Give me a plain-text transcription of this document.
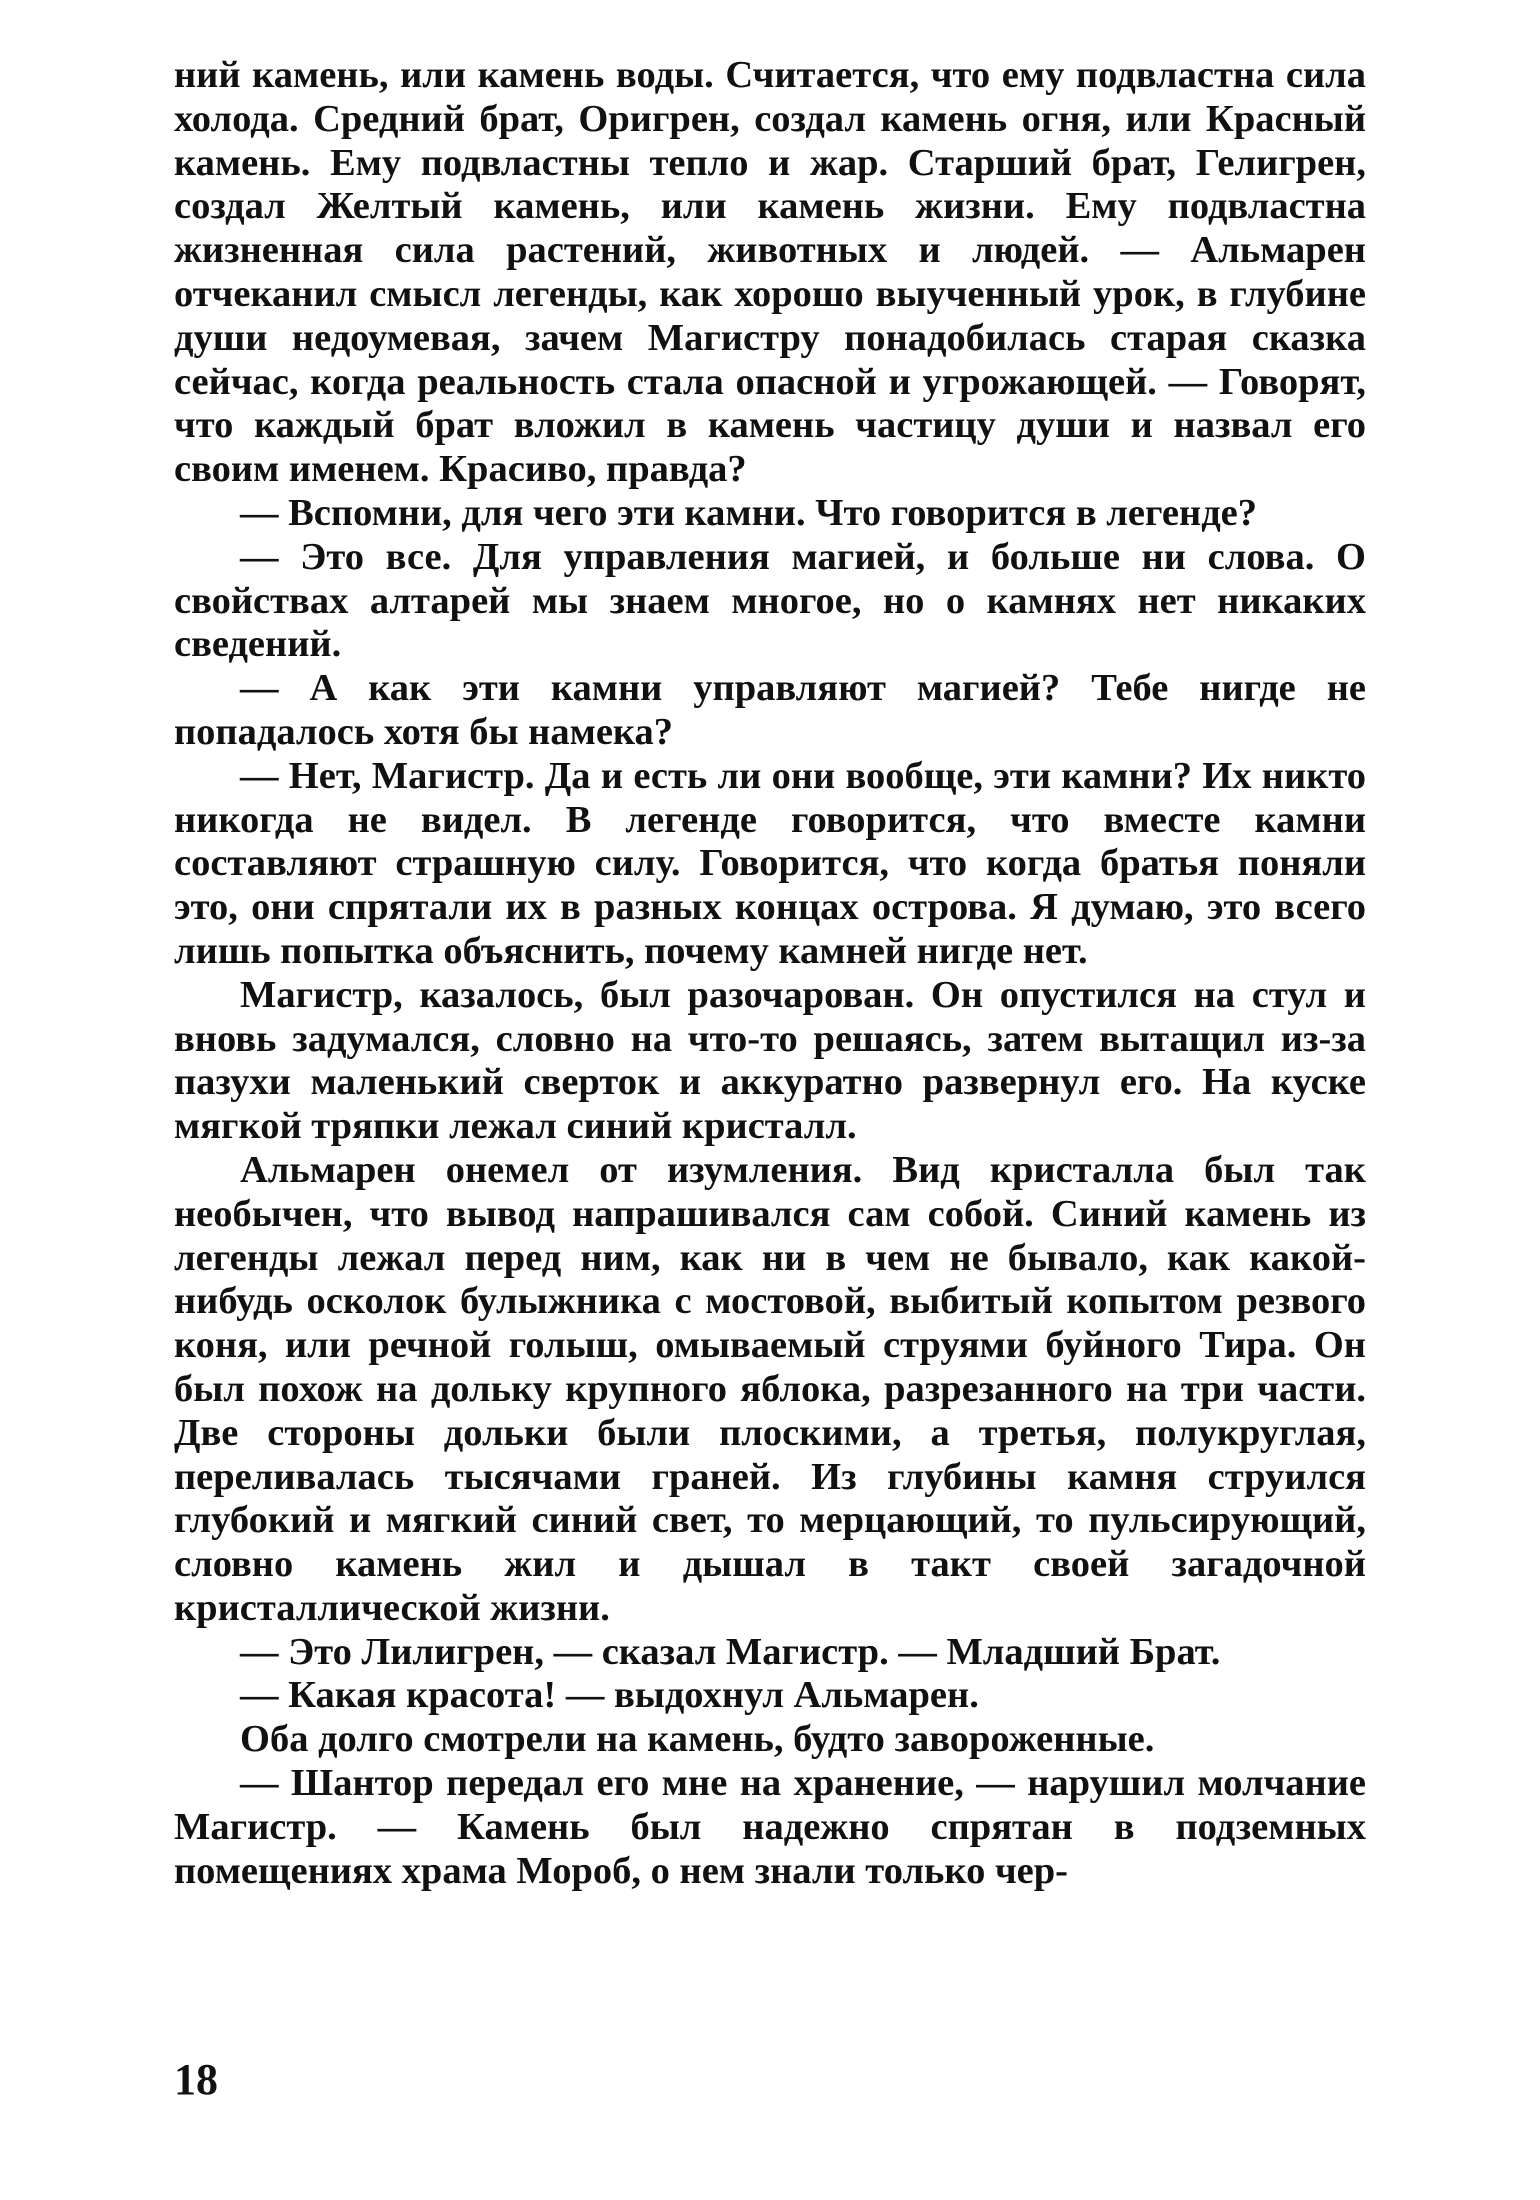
ний камень, или камень воды. Считается, что ему подвластна сила холода. Средний брат, Оригрен, создал камень огня, или Красный камень. Ему подвластны тепло и жар. Старший брат, Гелигрен, создал Желтый камень, или камень жизни. Ему подвластна жизненная сила растений, животных и людей. — Альмарен отчеканил смысл легенды, как хорошо выученный урок, в глубине души недоумевая, зачем Магистру понадобилась старая сказка сейчас, когда реальность стала опасной и угрожающей. — Говорят, что каждый брат вложил в камень частицу души и назвал его своим именем. Красиво, правда?

— Вспомни, для чего эти камни. Что говорится в легенде?

— Это все. Для управления магией, и больше ни слова. О свойствах алтарей мы знаем многое, но о камнях нет никаких сведений.

— А как эти камни управляют магией? Тебе нигде не попадалось хотя бы намека?

— Нет, Магистр. Да и есть ли они вообще, эти камни? Их никто никогда не видел. В легенде говорится, что вместе камни составляют страшную силу. Говорится, что когда братья поняли это, они спрятали их в разных концах острова. Я думаю, это всего лишь попытка объяснить, почему камней нигде нет.

Магистр, казалось, был разочарован. Он опустился на стул и вновь задумался, словно на что-то решаясь, затем вытащил из-за пазухи маленький сверток и аккуратно развернул его. На куске мягкой тряпки лежал синий кристалл.

Альмарен онемел от изумления. Вид кристалла был так необычен, что вывод напрашивался сам собой. Синий камень из легенды лежал перед ним, как ни в чем не бывало, как какой-нибудь осколок булыжника с мостовой, выбитый копытом резвого коня, или речной голыш, омываемый струями буйного Тира. Он был похож на дольку крупного яблока, разрезанного на три части. Две стороны дольки были плоскими, а третья, полукруглая, переливалась тысячами граней. Из глубины камня струился глубокий и мягкий синий свет, то мерцающий, то пульсирующий, словно камень жил и дышал в такт своей загадочной кристаллической жизни.

— Это Лилигрен, — сказал Магистр. — Младший Брат.

— Какая красота! — выдохнул Альмарен.

Оба долго смотрели на камень, будто завороженные.

— Шантор передал его мне на хранение, — нарушил молчание Магистр. — Камень был надежно спрятан в подземных помещениях храма Мороб, о нем знали только чер-

18
